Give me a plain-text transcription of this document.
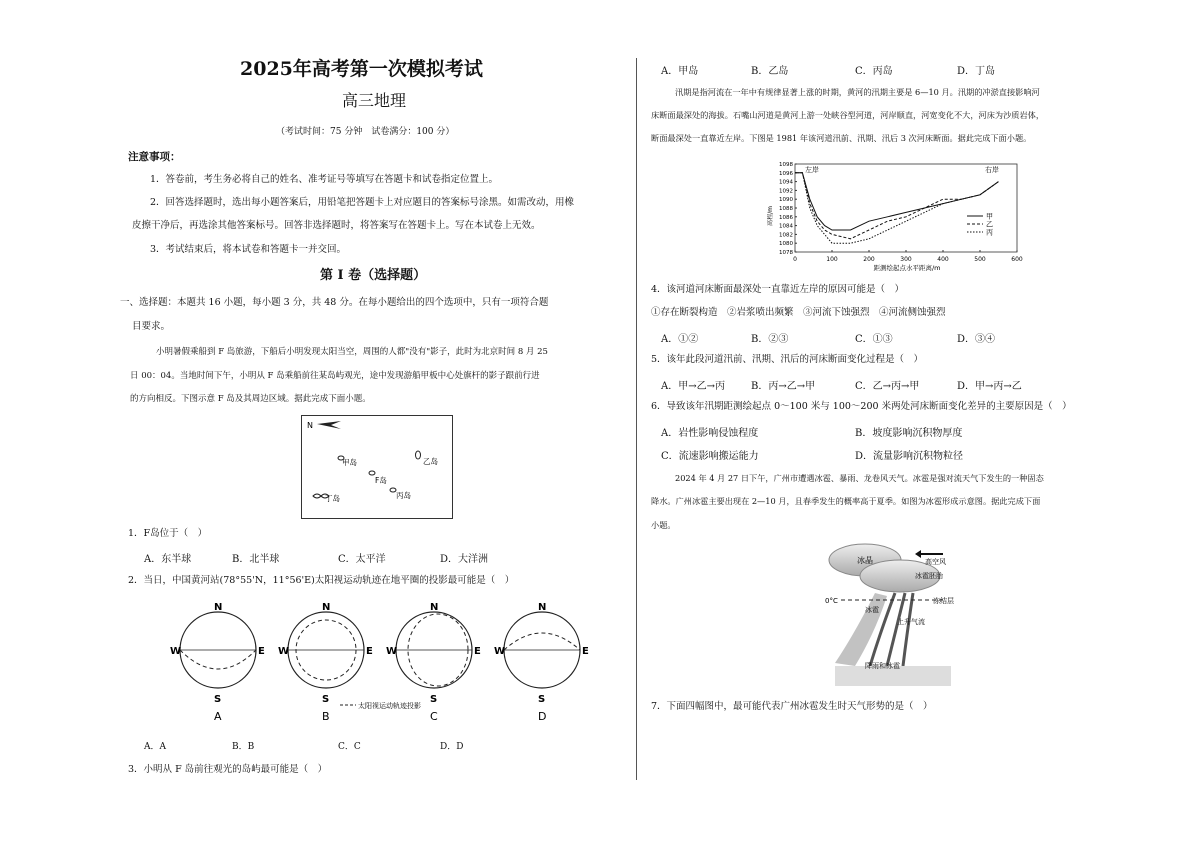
2025年高考第一次模拟考试
高三地理
（考试时间：75 分钟　试卷满分：100 分）
注意事项：
1．答卷前，考生务必将自己的姓名、准考证号等填写在答题卡和试卷指定位置上。
2．回答选择题时，选出每小题答案后，用铅笔把答题卡上对应题目的答案标号涂黑。如需改动，用橡
皮擦干净后，再选涂其他答案标号。回答非选择题时，将答案写在答题卡上。写在本试卷上无效。
3．考试结束后，将本试卷和答题卡一并交回。
第 I 卷（选择题）
一、选择题：本题共 16 小题，每小题 3 分，共 48 分。在每小题给出的四个选项中，只有一项符合题
目要求。
小明暑假乘船到 F 岛旅游，下船后小明发现太阳当空，周围的人都"没有"影子，此时为北京时间 8 月 25
日 00：04。当地时间下午，小明从 F 岛乘船前往某岛屿观光，途中发现游船甲板中心处旗杆的影子跟前行进
的方向相反。下图示意 F 岛及其周边区域。据此完成下面小题。
N
甲岛	乙岛
F岛
丙岛
丁岛
1．F岛位于（　）
A．东半球	B．北半球	C．太平洋	D．大洋洲
2．当日，中国黄河站(78°55'N，11°56'E)太阳视运动轨迹在地平圈的投影最可能是（　）
N
S
W	E
A
N
S
W	E
B
N
S
W	E
C
N
S
W	E
D
太阳视运动轨迹投影
A．A	B．B	C．C	D．D
3．小明从 F 岛前往观光的岛屿最可能是（　）
A．甲岛	B．乙岛	C．丙岛	D．丁岛
汛期是指河流在一年中有规律显著上涨的时期，黄河的汛期主要是 6—10 月。汛期的冲淤直接影响河
床断面最深处的海拔。石嘴山河道是黄河上游一处峡谷型河道，河岸顺直，河宽变化不大，河床为沙质岩体，
断面最深处一直靠近左岸。下图是 1981 年该河道汛前、汛期、汛后 3 次河床断面。据此完成下面小题。
左岸	右岸
高程/m
距测绘起点水平距离/m
0	100	200	300	400	500	600
1078
1080
1082
1084
1086
1088
1090
1092
1094
1096
1098
甲
乙
丙
4．该河道河床断面最深处一直靠近左岸的原因可能是（　）
①存在断裂构造　②岩浆喷出频繁　③河流下蚀强烈　④河流侧蚀强烈
A．①②	B．②③	C．①③	D．③④
5．该年此段河道汛前、汛期、汛后的河床断面变化过程是（　）
A．甲→乙→丙	B．丙→乙→甲	C．乙→丙→甲	D．甲→丙→乙
6．导致该年汛期距测绘起点 0～100 米与 100～200 米两处河床断面变化差异的主要原因是（　）
A．岩性影响侵蚀程度	B．坡度影响沉积物厚度
C．流速影响搬运能力	D．流量影响沉积物粒径
2024 年 4 月 27 日下午，广州市遭遇冰雹、暴雨、龙卷风天气。冰雹是强对流天气下发生的一种固态
降水。广州冰雹主要出现在 2—10 月，且春季发生的概率高于夏季。如图为冰雹形成示意图。据此完成下面
小题。
冰晶	高空风
冰雹胚胎
0°C	冻结层
冰雹
上升气流
降雨和冰雹
7．下面四幅图中，最可能代表广州冰雹发生时天气形势的是（　）
